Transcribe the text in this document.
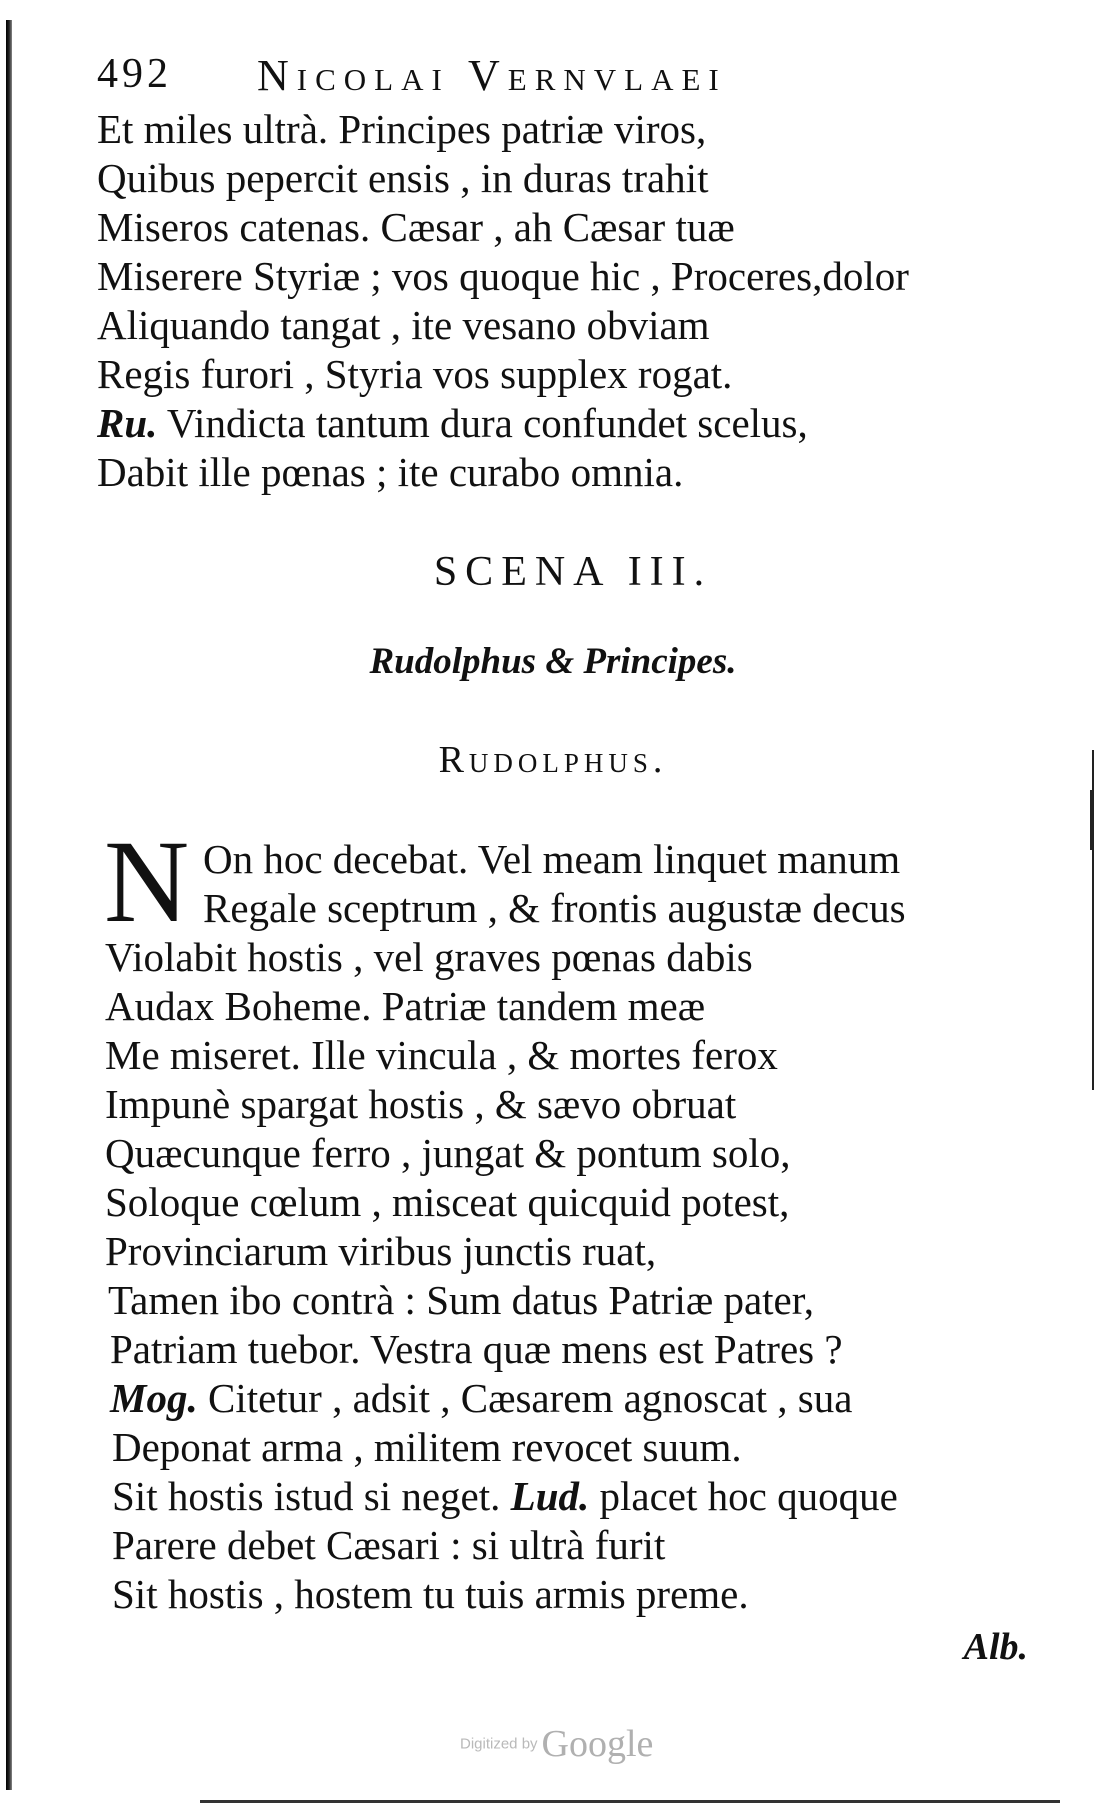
492 Nicolai Vernvlaei
Et miles ultrà. Principes patriæ viros,
Quibus pepercit ensis , in duras trahit
Miseros catenas. Cæsar , ah Cæsar tuæ
Miserere Styriæ ; vos quoque hic , Proceres,dolor
Aliquando tangat , ite vesano obviam
Regis furori , Styria vos supplex rogat.
Ru. Vindicta tantum dura confundet scelus,
Dabit ille pœnas ; ite curabo omnia.
SCENA III.
Rudolphus & Principes.
Rudolphus.
N On hoc decebat. Vel meam linquet manum
Regale sceptrum , & frontis augustæ decus
Violabit hostis , vel graves pœnas dabis
Audax Boheme. Patriæ tandem meæ
Me miseret. Ille vincula , & mortes ferox
Impunè spargat hostis , & sævo obruat
Quæcunque ferro , jungat & pontum solo,
Soloque cœlum , misceat quicquid potest,
Provinciarum viribus junctis ruat,
Tamen ibo contrà : Sum datus Patriæ pater,
Patriam tuebor. Vestra quæ mens est Patres ?
Mog. Citetur , adsit , Cæsarem agnoscat , sua
Deponat arma , militem revocet suum.
Sit hostis istud si neget. Lud. placet hoc quoque
Parere debet Cæsari : si ultrà furit
Sit hostis , hostem tu tuis armis preme.
Alb.
Digitized by Google
